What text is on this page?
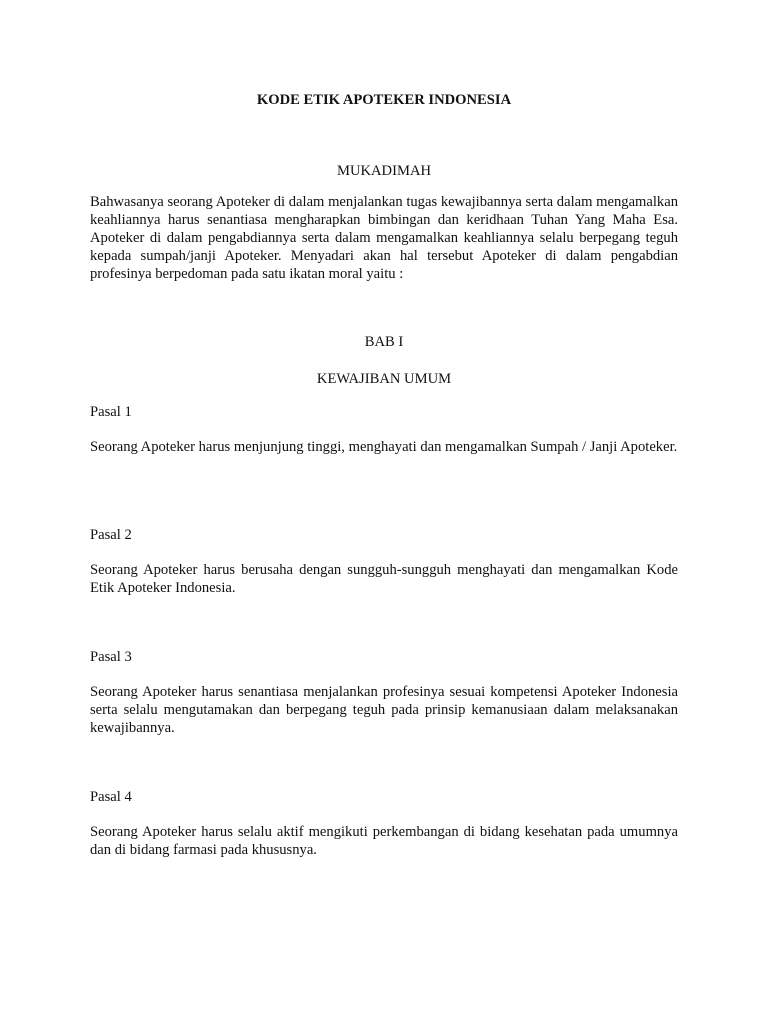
KODE ETIK APOTEKER INDONESIA
MUKADIMAH
Bahwasanya seorang Apoteker di dalam menjalankan tugas kewajibannya serta dalam mengamalkan keahliannya harus senantiasa mengharapkan bimbingan dan keridhaan Tuhan Yang Maha Esa. Apoteker di dalam pengabdiannya serta dalam mengamalkan keahliannya selalu berpegang teguh kepada sumpah/janji Apoteker. Menyadari akan hal tersebut Apoteker di dalam pengabdian profesinya berpedoman pada satu ikatan moral yaitu :
BAB I
KEWAJIBAN UMUM
Pasal 1
Seorang Apoteker harus menjunjung tinggi, menghayati dan mengamalkan Sumpah / Janji Apoteker.
Pasal 2
Seorang Apoteker harus berusaha dengan sungguh-sungguh menghayati dan mengamalkan Kode Etik Apoteker Indonesia.
Pasal 3
Seorang Apoteker harus senantiasa menjalankan profesinya sesuai kompetensi Apoteker Indonesia serta selalu mengutamakan dan berpegang teguh pada prinsip kemanusiaan dalam melaksanakan kewajibannya.
Pasal 4
Seorang Apoteker harus selalu aktif mengikuti perkembangan di bidang kesehatan pada umumnya dan di bidang farmasi pada khususnya.
